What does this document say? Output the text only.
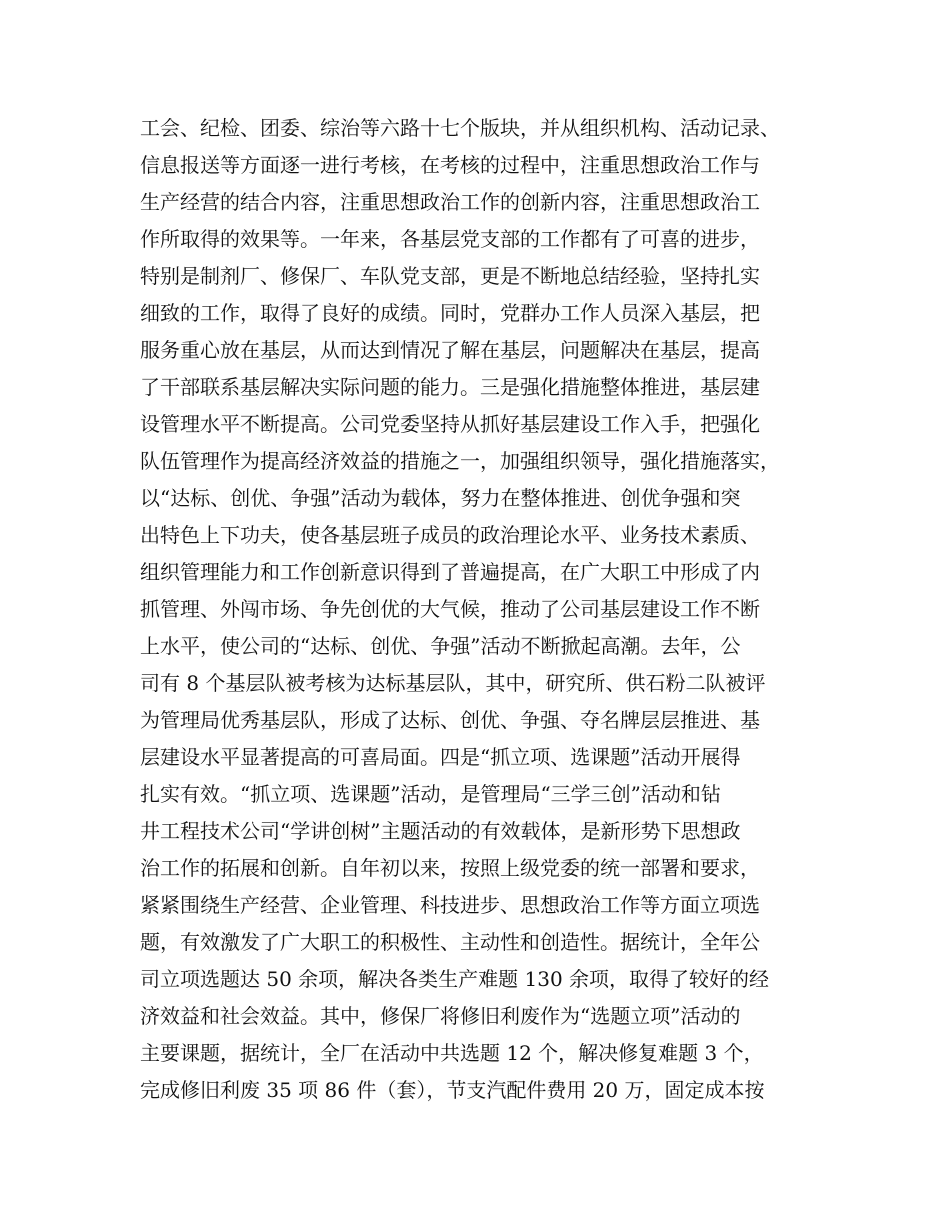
工会、纪检、团委、综治等六路十七个版块，并从组织机构、活动记录、
信息报送等方面逐一进行考核，在考核的过程中，注重思想政治工作与
生产经营的结合内容，注重思想政治工作的创新内容，注重思想政治工
作所取得的效果等。一年来，各基层党支部的工作都有了可喜的进步，
特别是制剂厂、修保厂、车队党支部，更是不断地总结经验，坚持扎实
细致的工作，取得了良好的成绩。同时，党群办工作人员深入基层，把
服务重心放在基层，从而达到情况了解在基层，问题解决在基层，提高
了干部联系基层解决实际问题的能力。三是强化措施整体推进，基层建
设管理水平不断提高。公司党委坚持从抓好基层建设工作入手，把强化
队伍管理作为提高经济效益的措施之一，加强组织领导，强化措施落实，
以“达标、创优、争强”活动为载体，努力在整体推进、创优争强和突
出特色上下功夫，使各基层班子成员的政治理论水平、业务技术素质、
组织管理能力和工作创新意识得到了普遍提高，在广大职工中形成了内
抓管理、外闯市场、争先创优的大气候，推动了公司基层建设工作不断
上水平，使公司的“达标、创优、争强”活动不断掀起高潮。去年，公
司有 8 个基层队被考核为达标基层队，其中，研究所、供石粉二队被评
为管理局优秀基层队，形成了达标、创优、争强、夺名牌层层推进、基
层建设水平显著提高的可喜局面。四是“抓立项、选课题”活动开展得
扎实有效。“抓立项、选课题”活动，是管理局“三学三创”活动和钻
井工程技术公司“学讲创树”主题活动的有效载体，是新形势下思想政
治工作的拓展和创新。自年初以来，按照上级党委的统一部署和要求，
紧紧围绕生产经营、企业管理、科技进步、思想政治工作等方面立项选
题，有效激发了广大职工的积极性、主动性和创造性。据统计，全年公
司立项选题达 50 余项，解决各类生产难题 130 余项，取得了较好的经
济效益和社会效益。其中，修保厂将修旧利废作为“选题立项”活动的
主要课题，据统计，全厂在活动中共选题 12 个，解决修复难题 3 个，
完成修旧利废 35 项 86 件（套），节支汽配件费用 20 万，固定成本按
